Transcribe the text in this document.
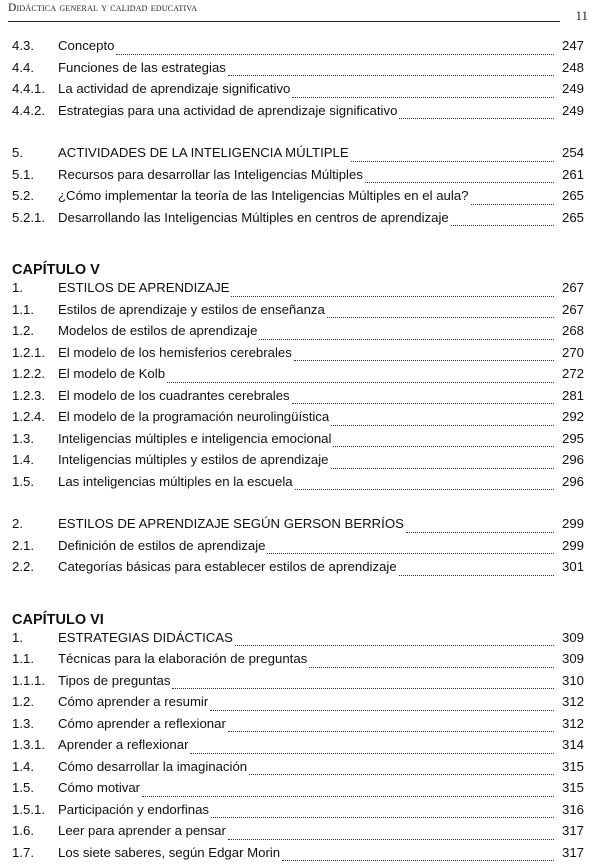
Didáctica general y calidad educativa	11
4.3.	Concepto	247
4.4.	Funciones de las estrategias	248
4.4.1. La actividad de aprendizaje significativo	249
4.4.2. Estrategias para una actividad de aprendizaje significativo	249
5.	ACTIVIDADES DE LA INTELIGENCIA MÚLTIPLE	254
5.1.	Recursos para desarrollar las Inteligencias Múltiples	261
5.2.	¿Cómo implementar la teoría de las Inteligencias Múltiples en el aula?	265
5.2.1. Desarrollando las Inteligencias Múltiples en centros de aprendizaje	265
CAPÍTULO V
1.	ESTILOS DE APRENDIZAJE	267
1.1.	Estilos de aprendizaje y estilos de enseñanza	267
1.2.	Modelos de estilos de aprendizaje	268
1.2.1. El modelo de los hemisferios cerebrales	270
1.2.2. El modelo de Kolb	272
1.2.3. El modelo de los cuadrantes cerebrales	281
1.2.4. El modelo de la programación neurolingüística	292
1.3.	Inteligencias múltiples e inteligencia emocional	295
1.4.	Inteligencias múltiples y estilos de aprendizaje	296
1.5.	Las inteligencias múltiples en la escuela	296
2.	ESTILOS DE APRENDIZAJE SEGÚN GERSON BERRÍOS	299
2.1.	Definición de estilos de aprendizaje	299
2.2.	Categorías básicas para establecer estilos de aprendizaje	301
CAPÍTULO VI
1.	ESTRATEGIAS DIDÁCTICAS	309
1.1.	Técnicas para la elaboración de preguntas	309
1.1.1. Tipos de preguntas	310
1.2.	Cómo aprender a resumir	312
1.3.	Cómo aprender a reflexionar	312
1.3.1. Aprender a reflexionar	314
1.4.	Cómo desarrollar la imaginación	315
1.5.	Cómo motivar	315
1.5.1. Participación y endorfinas	316
1.6.	Leer para aprender a pensar	317
1.7.	Los siete saberes, según Edgar Morin	317
